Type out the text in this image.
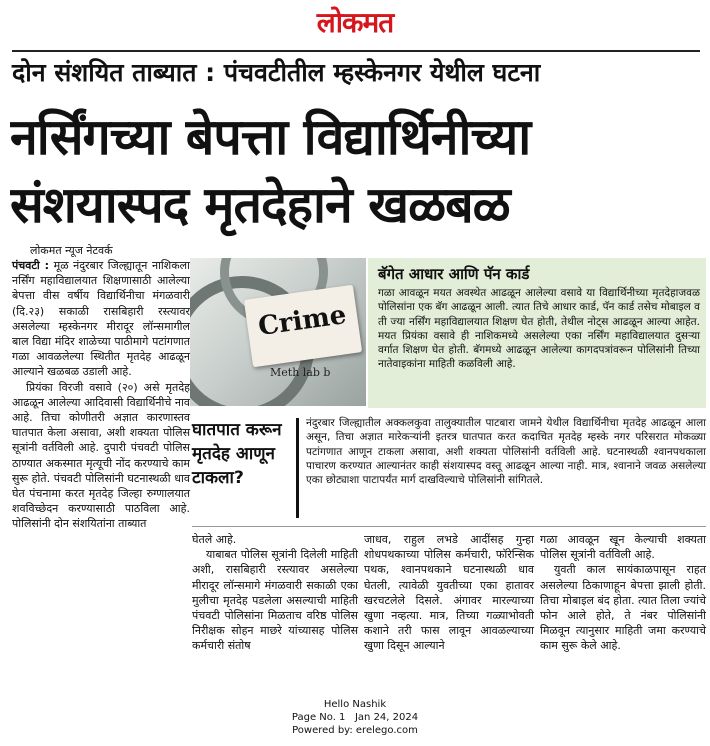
लोकमत
दोन संशयित ताब्यात : पंचवटीतील म्हस्केनगर येथील घटना
नर्सिंगच्या बेपत्ता विद्यार्थिनीच्या
संशयास्पद मृतदेहाने खळबळ
लोकमत न्यूज नेटवर्क

पंचवटी : मूळ नंदुरबार जिल्ह्यातून नाशिकला नर्सिंग महाविद्यालयात शिक्षणासाठी आलेल्या बेपत्ता वीस वर्षीय विद्यार्थिनीचा मंगळवारी (दि.२३) सकाळी रासबिहारी रस्त्यावर असलेल्या म्हस्केनगर मीरादूर लॉन्समागील बाल विद्या मंदिर शाळेच्या पाठीमागे पटांगणात गळा आवळलेल्या स्थितीत मृतदेह आढळून आल्याने खळबळ उडाली आहे.

प्रियंका विरजी वसावे (२०) असे मृतदेह आढळून आलेल्या आदिवासी विद्यार्थिनीचे नाव आहे. तिचा कोणीतरी अज्ञात कारणास्तव घातपात केला असावा, अशी शक्यता पोलिस सूत्रांनी वर्तविली आहे. दुपारी पंचवटी पोलिस ठाण्यात अकस्मात मृत्यूची नोंद करण्याचे काम सुरू होते. पंचवटी पोलिसांनी घटनास्थळी धाव घेत पंचनामा करत मृतदेह जिल्हा रुग्णालयात शवविच्छेदन करण्यासाठी पाठविला आहे. पोलिसांनी दोन संशयितांना ताब्यात

Crime
Meth lab b
बॅगेत आधार आणि पॅन कार्ड
गळा आवळून मयत अवस्थेत आढळून आलेल्या वसावे या विद्यार्थिनीच्या मृतदेहाजवळ पोलिसांना एक बॅग आढळून आली. त्यात तिचे आधार कार्ड, पॅन कार्ड तसेच मोबाइल व ती ज्या नर्सिंग महाविद्यालयात शिक्षण घेत होती, तेथील नोट्स आढळून आल्या आहेत. मयत प्रियंका वसावे ही नाशिकमध्ये असलेल्या एका नर्सिंग महाविद्यालयात दुसऱ्या वर्गात शिक्षण घेत होती. बॅगमध्ये आढळून आलेल्या कागदपत्रांवरून पोलिसांनी तिच्या नातेवाइकांना माहिती कळविली आहे.
घातपात करून मृतदेह आणून टाकला?
नंदुरबार जिल्ह्यातील अक्कलकुवा तालुक्यातील पाटबारा जामने येथील विद्यार्थिनीचा मृतदेह आढळून आला असून, तिचा अज्ञात मारेकऱ्यांनी इतरत्र घातपात करत कदाचित मृतदेह म्हस्के नगर परिसरात मोकळ्या पटांगणात आणून टाकला असावा, अशी शक्यता पोलिसांनी वर्तविली आहे. घटनास्थळी श्वानपथकाला पाचारण करण्यात आल्यानंतर काही संशयास्पद वस्तू आढळून आल्या नाही. मात्र, श्वानाने जवळ असलेल्या एका छोट्याशा पाटापर्यंत मार्ग दाखविल्याचे पोलिसांनी सांगितले.

घेतले आहे.

याबाबत पोलिस सूत्रांनी दिलेली माहिती अशी, रासबिहारी रस्त्यावर असलेल्या मीरादूर लॉन्समागे मंगळवारी सकाळी एका मुलीचा मृतदेह पडलेला असल्याची माहिती पंचवटी पोलिसांना मिळताच वरिष्ठ पोलिस निरीक्षक सोहन माछरे यांच्यासह पोलिस कर्मचारी संतोष

जाधव, राहुल लभडे आदींसह गुन्हा शोधपथकाच्या पोलिस कर्मचारी, फॉरेन्सिक पथक, श्वानपथकाने घटनास्थळी धाव घेतली, त्यावेळी युवतीच्या एका हातावर खरचटलेले दिसले. अंगावर मारल्याच्या खुणा नव्हत्या. मात्र, तिच्या गळ्याभोवती कशाने तरी फास लावून आवळल्याच्या खुणा दिसून आल्याने

गळा आवळून खून केल्याची शक्यता पोलिस सूत्रांनी वर्तविली आहे.

युवती काल सायंकाळपासून राहत असलेल्या ठिकाणाहून बेपत्ता झाली होती. तिचा मोबाइल बंद होता. त्यात तिला ज्यांचे फोन आले होते, ते नंबर पोलिसांनी मिळवून त्यानुसार माहिती जमा करण्याचे काम सुरू केले आहे.

Hello Nashik
Page No. 1 Jan 24, 2024
Powered by: erelego.com
